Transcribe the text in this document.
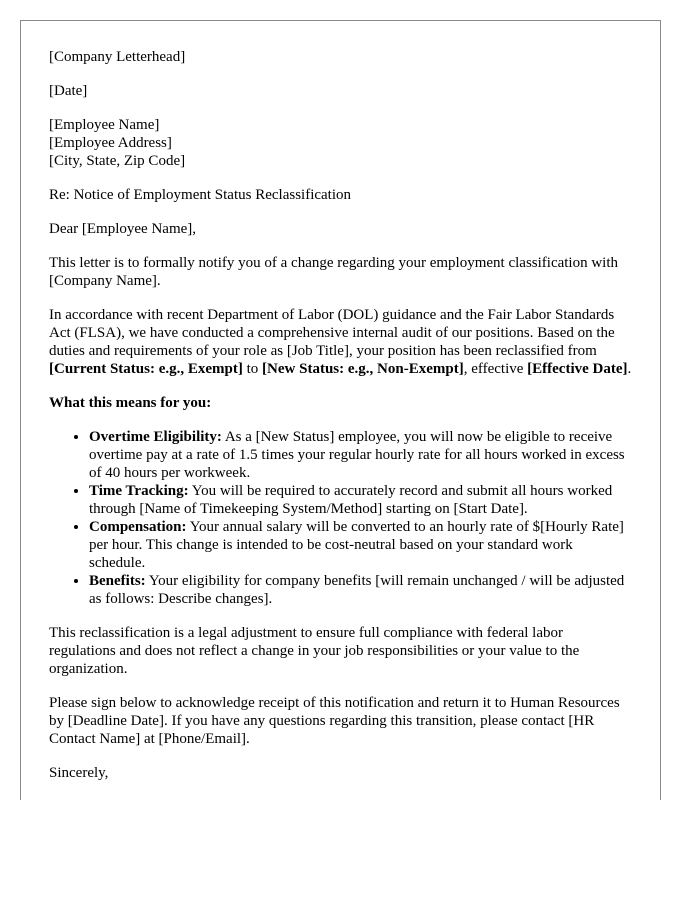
[Company Letterhead]

[Date]

[Employee Name]
[Employee Address]
[City, State, Zip Code]

Re: Notice of Employment Status Reclassification

Dear [Employee Name],

This letter is to formally notify you of a change regarding your employment classification with [Company Name].

In accordance with recent Department of Labor (DOL) guidance and the Fair Labor Standards Act (FLSA), we have conducted a comprehensive internal audit of our positions. Based on the duties and requirements of your role as [Job Title], your position has been reclassified from [Current Status: e.g., Exempt] to [New Status: e.g., Non-Exempt], effective [Effective Date].

What this means for you:

• Overtime Eligibility: As a [New Status] employee, you will now be eligible to receive overtime pay at a rate of 1.5 times your regular hourly rate for all hours worked in excess of 40 hours per workweek.
• Time Tracking: You will be required to accurately record and submit all hours worked through [Name of Timekeeping System/Method] starting on [Start Date].
• Compensation: Your annual salary will be converted to an hourly rate of $[Hourly Rate] per hour. This change is intended to be cost-neutral based on your standard work schedule.
• Benefits: Your eligibility for company benefits [will remain unchanged / will be adjusted as follows: Describe changes].

This reclassification is a legal adjustment to ensure full compliance with federal labor regulations and does not reflect a change in your job responsibilities or your value to the organization.

Please sign below to acknowledge receipt of this notification and return it to Human Resources by [Deadline Date]. If you have any questions regarding this transition, please contact [HR Contact Name] at [Phone/Email].

Sincerely,
